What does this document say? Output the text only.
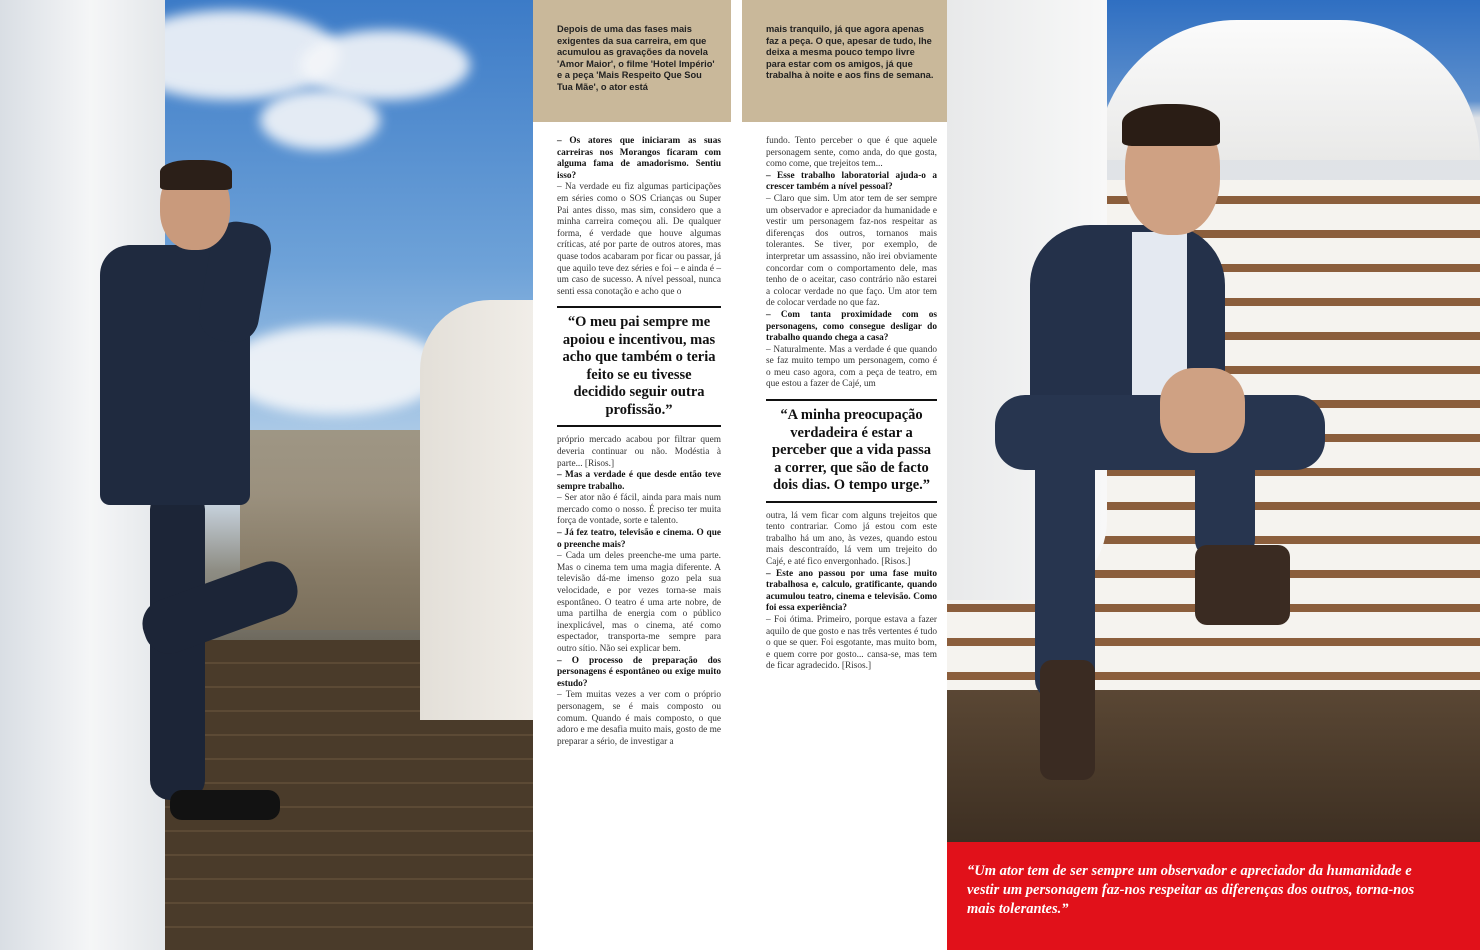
Depois de uma das fases mais exigentes da sua carreira, em que acumulou as gravações da novela 'Amor Maior', o filme 'Hotel Império' e a peça 'Mais Respeito Que Sou Tua Mãe', o ator está

– Os atores que iniciaram as suas carreiras nos Morangos ficaram com alguma fama de amadorismo. Sentiu isso?

– Na verdade eu fiz algumas participações em séries como o SOS Crianças ou Super Pai antes disso, mas sim, considero que a minha carreira começou ali. De qualquer forma, é verdade que houve algumas críticas, até por parte de outros atores, mas quase todos acabaram por ficar ou passar, já que aquilo teve dez séries e foi – e ainda é – um caso de sucesso. A nível pessoal, nunca senti essa conotação e acho que o

“O meu pai sempre me apoiou e incentivou, mas acho que também o teria feito se eu tivesse decidido seguir outra profissão.”

próprio mercado acabou por filtrar quem deveria continuar ou não. Modéstia à parte... [Risos.]

– Mas a verdade é que desde então teve sempre trabalho.

– Ser ator não é fácil, ainda para mais num mercado como o nosso. É preciso ter muita força de vontade, sorte e talento.

– Já fez teatro, televisão e cinema. O que o preenche mais?

– Cada um deles preenche-me uma parte. Mas o cinema tem uma magia diferente. A televisão dá-me imenso gozo pela sua velocidade, e por vezes torna-se mais espontâneo. O teatro é uma arte nobre, de uma partilha de energia com o público inexplicável, mas o cinema, até como espectador, transporta-me sempre para outro sítio. Não sei explicar bem.

– O processo de preparação dos personagens é espontâneo ou exige muito estudo?

– Tem muitas vezes a ver com o próprio personagem, se é mais composto ou comum. Quando é mais composto, o que adoro e me desafia muito mais, gosto de me preparar a sério, de investigar a

mais tranquilo, já que agora apenas faz a peça. O que, apesar de tudo, lhe deixa a mesma pouco tempo livre para estar com os amigos, já que trabalha à noite e aos fins de semana.

fundo. Tento perceber o que é que aquele personagem sente, como anda, do que gosta, como come, que trejeitos tem...

– Esse trabalho laboratorial ajuda-o a crescer também a nível pessoal?

– Claro que sim. Um ator tem de ser sempre um observador e apreciador da humanidade e vestir um personagem faz-nos respeitar as diferenças dos outros, tornanos mais tolerantes. Se tiver, por exemplo, de interpretar um assassino, não irei obviamente concordar com o comportamento dele, mas tenho de o aceitar, caso contrário não estarei a colocar verdade no que faço. Um ator tem de colocar verdade no que faz.

– Com tanta proximidade com os personagens, como consegue desligar do trabalho quando chega a casa?

– Naturalmente. Mas a verdade é que quando se faz muito tempo um personagem, como é o meu caso agora, com a peça de teatro, em que estou a fazer de Cajé, um

“A minha preocupação verdadeira é estar a perceber que a vida passa a correr, que são de facto dois dias. O tempo urge.”

outra, lá vem ficar com alguns trejeitos que tento contrariar. Como já estou com este trabalho há um ano, às vezes, quando estou mais descontraído, lá vem um trejeito do Cajé, e até fico envergonhado. [Risos.]

– Este ano passou por uma fase muito trabalhosa e, calculo, gratificante, quando acumulou teatro, cinema e televisão. Como foi essa experiência?

– Foi ótima. Primeiro, porque estava a fazer aquilo de que gosto e nas três vertentes é tudo o que se quer. Foi esgotante, mas muito bom, e quem corre por gosto... cansa-se, mas tem de ficar agradecido. [Risos.]

“Um ator tem de ser sempre um observador e apreciador da humanidade e vestir um personagem faz-nos respeitar as diferenças dos outros, torna-nos mais tolerantes.”
